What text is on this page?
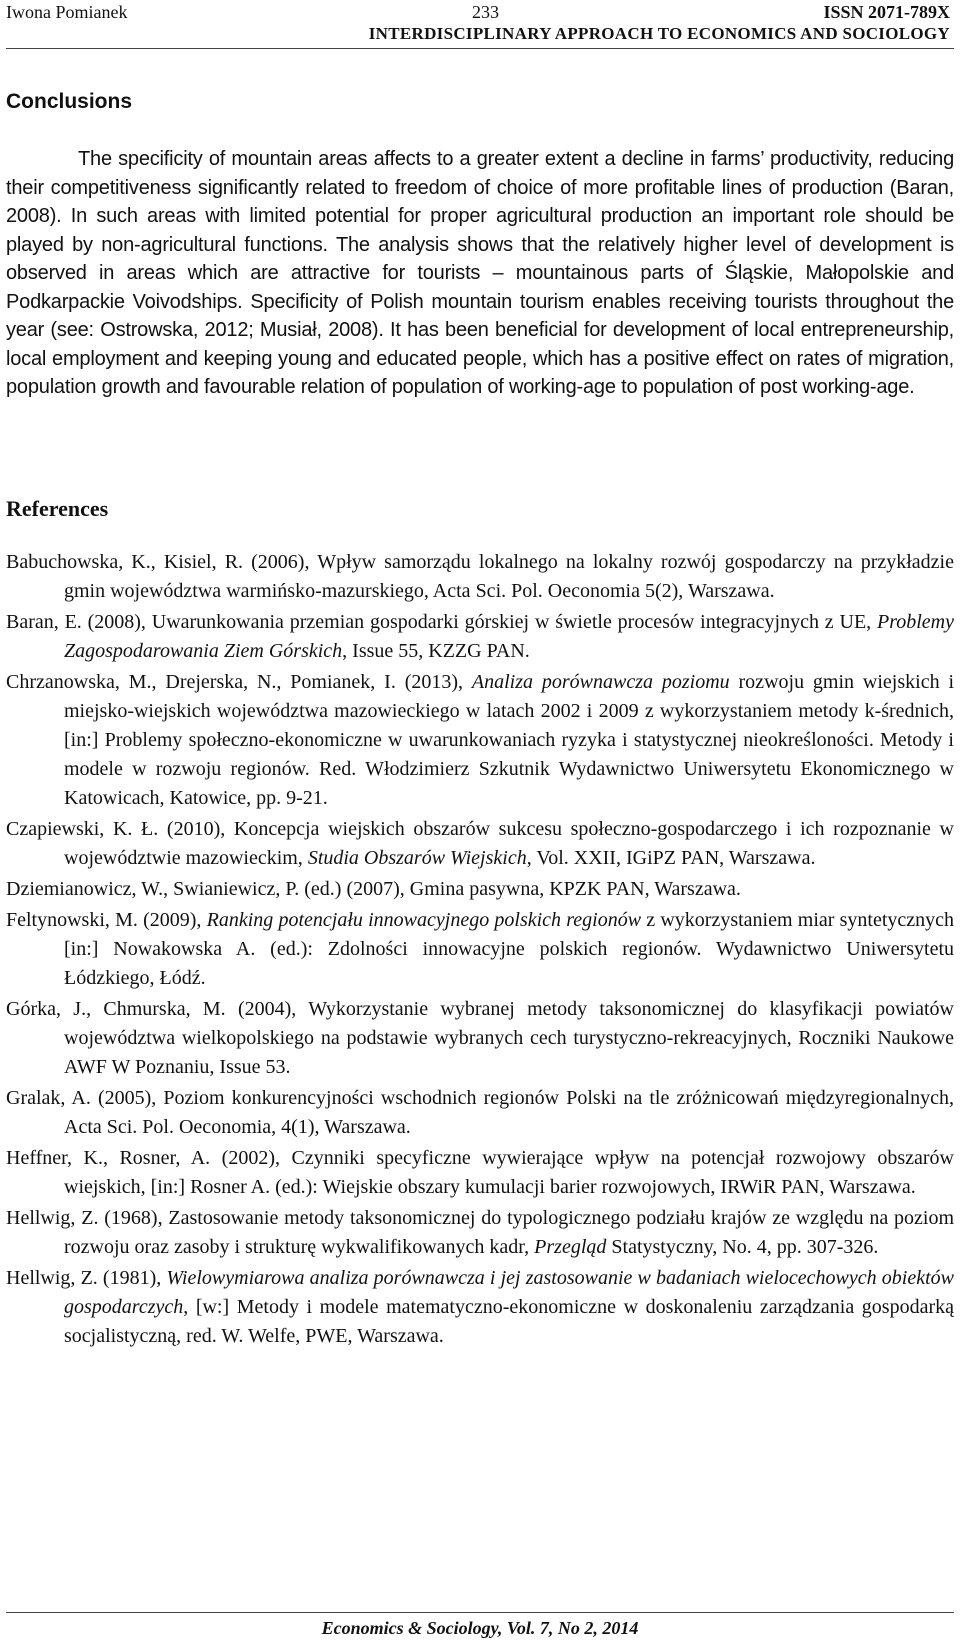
Iwona Pomianek	233	ISSN 2071-789X
INTERDISCIPLINARY APPROACH TO ECONOMICS AND SOCIOLOGY
Conclusions

The specificity of mountain areas affects to a greater extent a decline in farms’ productivity, reducing their competitiveness significantly related to freedom of choice of more profitable lines of production (Baran, 2008). In such areas with limited potential for proper agricultural production an important role should be played by non-agricultural functions. The analysis shows that the relatively higher level of development is observed in areas which are attractive for tourists – mountainous parts of Śląskie, Małopolskie and Podkarpackie Voivodships. Specificity of Polish mountain tourism enables receiving tourists throughout the year (see: Ostrowska, 2012; Musiał, 2008). It has been beneficial for development of local entrepreneurship, local employment and keeping young and educated people, which has a positive effect on rates of migration, population growth and favourable relation of population of working-age to population of post working-age.

References
Babuchowska, K., Kisiel, R. (2006), Wpływ samorządu lokalnego na lokalny rozwój gospodarczy na przykładzie gmin województwa warmińsko-mazurskiego, Acta Sci. Pol. Oeconomia 5(2), Warszawa.
Baran, E. (2008), Uwarunkowania przemian gospodarki górskiej w świetle procesów integracyjnych z UE, Problemy Zagospodarowania Ziem Górskich, Issue 55, KZZG PAN.
Chrzanowska, M., Drejerska, N., Pomianek, I. (2013), Analiza porównawcza poziomu rozwoju gmin wiejskich i miejsko-wiejskich województwa mazowieckiego w latach 2002 i 2009 z wykorzystaniem metody k-średnich, [in:] Problemy społeczno-ekonomiczne w uwarunkowaniach ryzyka i statystycznej nieokreśloności. Metody i modele w rozwoju regionów. Red. Włodzimierz Szkutnik Wydawnictwo Uniwersytetu Ekonomicznego w Katowicach, Katowice, pp. 9-21.
Czapiewski, K. Ł. (2010), Koncepcja wiejskich obszarów sukcesu społeczno-gospodarczego i ich rozpoznanie w województwie mazowieckim, Studia Obszarów Wiejskich, Vol. XXII, IGiPZ PAN, Warszawa.
Dziemianowicz, W., Swianiewicz, P. (ed.) (2007), Gmina pasywna, KPZK PAN, Warszawa.
Feltynowski, M. (2009), Ranking potencjału innowacyjnego polskich regionów z wykorzystaniem miar syntetycznych [in:] Nowakowska A. (ed.): Zdolności innowacyjne polskich regionów. Wydawnictwo Uniwersytetu Łódzkiego, Łódź.
Górka, J., Chmurska, M. (2004), Wykorzystanie wybranej metody taksonomicznej do klasyfikacji powiatów województwa wielkopolskiego na podstawie wybranych cech turystyczno-rekreacyjnych, Roczniki Naukowe AWF W Poznaniu, Issue 53.
Gralak, A. (2005), Poziom konkurencyjności wschodnich regionów Polski na tle zróżnicowań międzyregionalnych, Acta Sci. Pol. Oeconomia, 4(1), Warszawa.
Heffner, K., Rosner, A. (2002), Czynniki specyficzne wywierające wpływ na potencjał rozwojowy obszarów wiejskich, [in:] Rosner A. (ed.): Wiejskie obszary kumulacji barier rozwojowych, IRWiR PAN, Warszawa.
Hellwig, Z. (1968), Zastosowanie metody taksonomicznej do typologicznego podziału krajów ze względu na poziom rozwoju oraz zasoby i strukturę wykwalifikowanych kadr, Przegląd Statystyczny, No. 4, pp. 307-326.
Hellwig, Z. (1981), Wielowymiarowa analiza porównawcza i jej zastosowanie w badaniach wielocechowych obiektów gospodarczych, [w:] Metody i modele matematyczno-ekonomiczne w doskonaleniu zarządzania gospodarką socjalistyczną, red. W. Welfe, PWE, Warszawa.
Economics & Sociology, Vol. 7, No 2, 2014
